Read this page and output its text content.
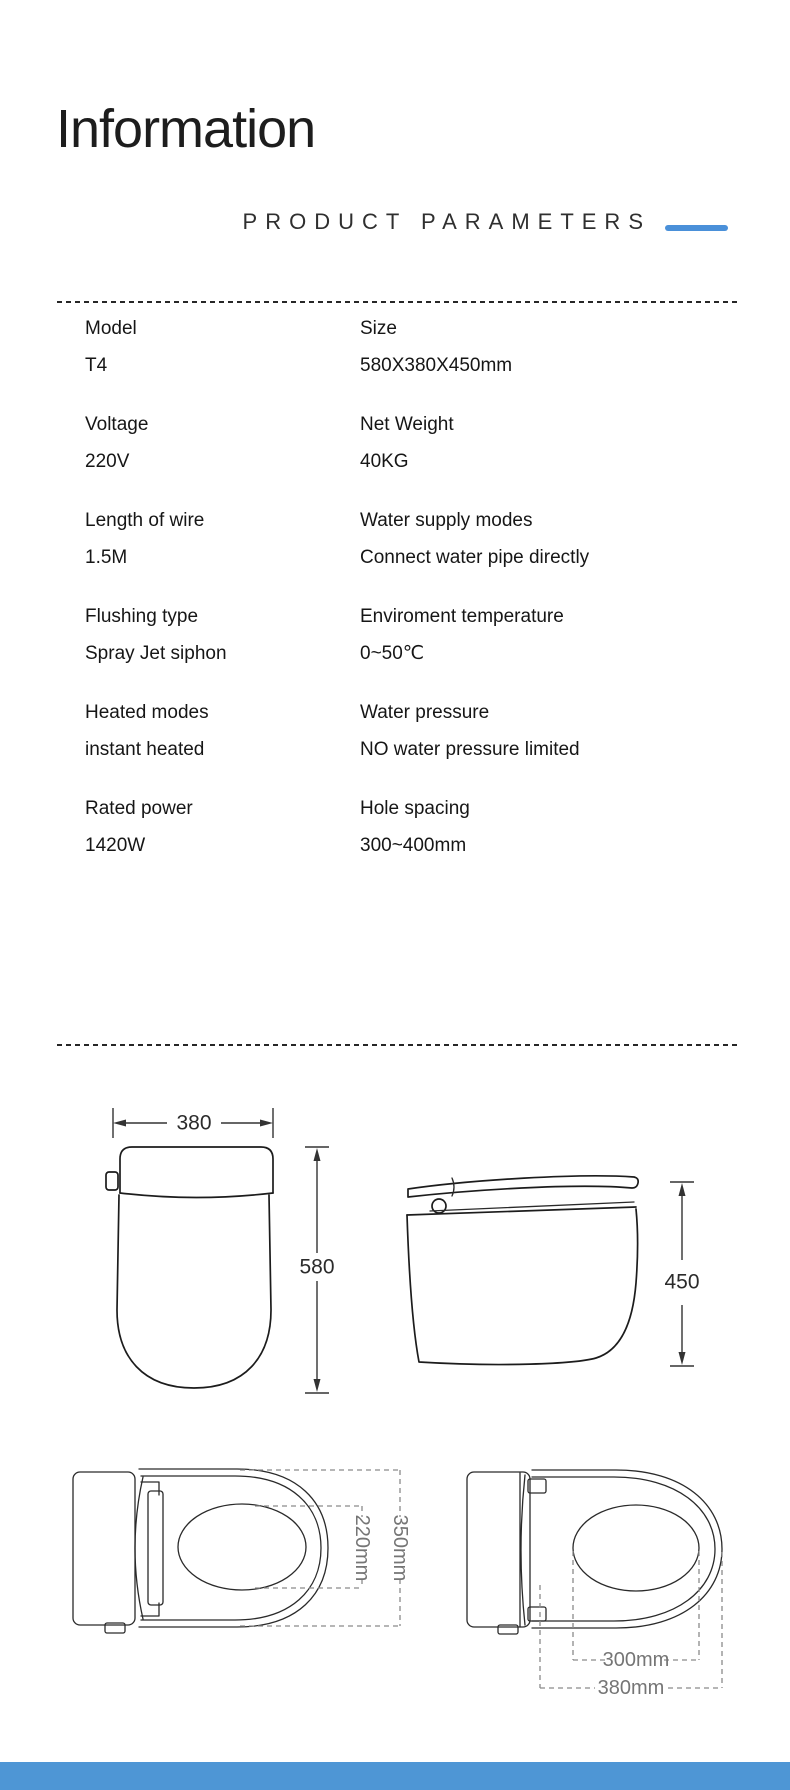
Information
PRODUCT PARAMETERS
Model
T4
Size
580X380X450mm
Voltage
220V
Net Weight
40KG
Length of wire
1.5M
Water supply modes
Connect water pipe directly
Flushing type
Spray Jet siphon
Enviroment temperature
0~50℃
Heated modes
instant heated
Water pressure
NO water pressure limited
Rated power
1420W
Hole spacing
300~400mm
380
580
450
350mm
220mm
300mm
380mm
